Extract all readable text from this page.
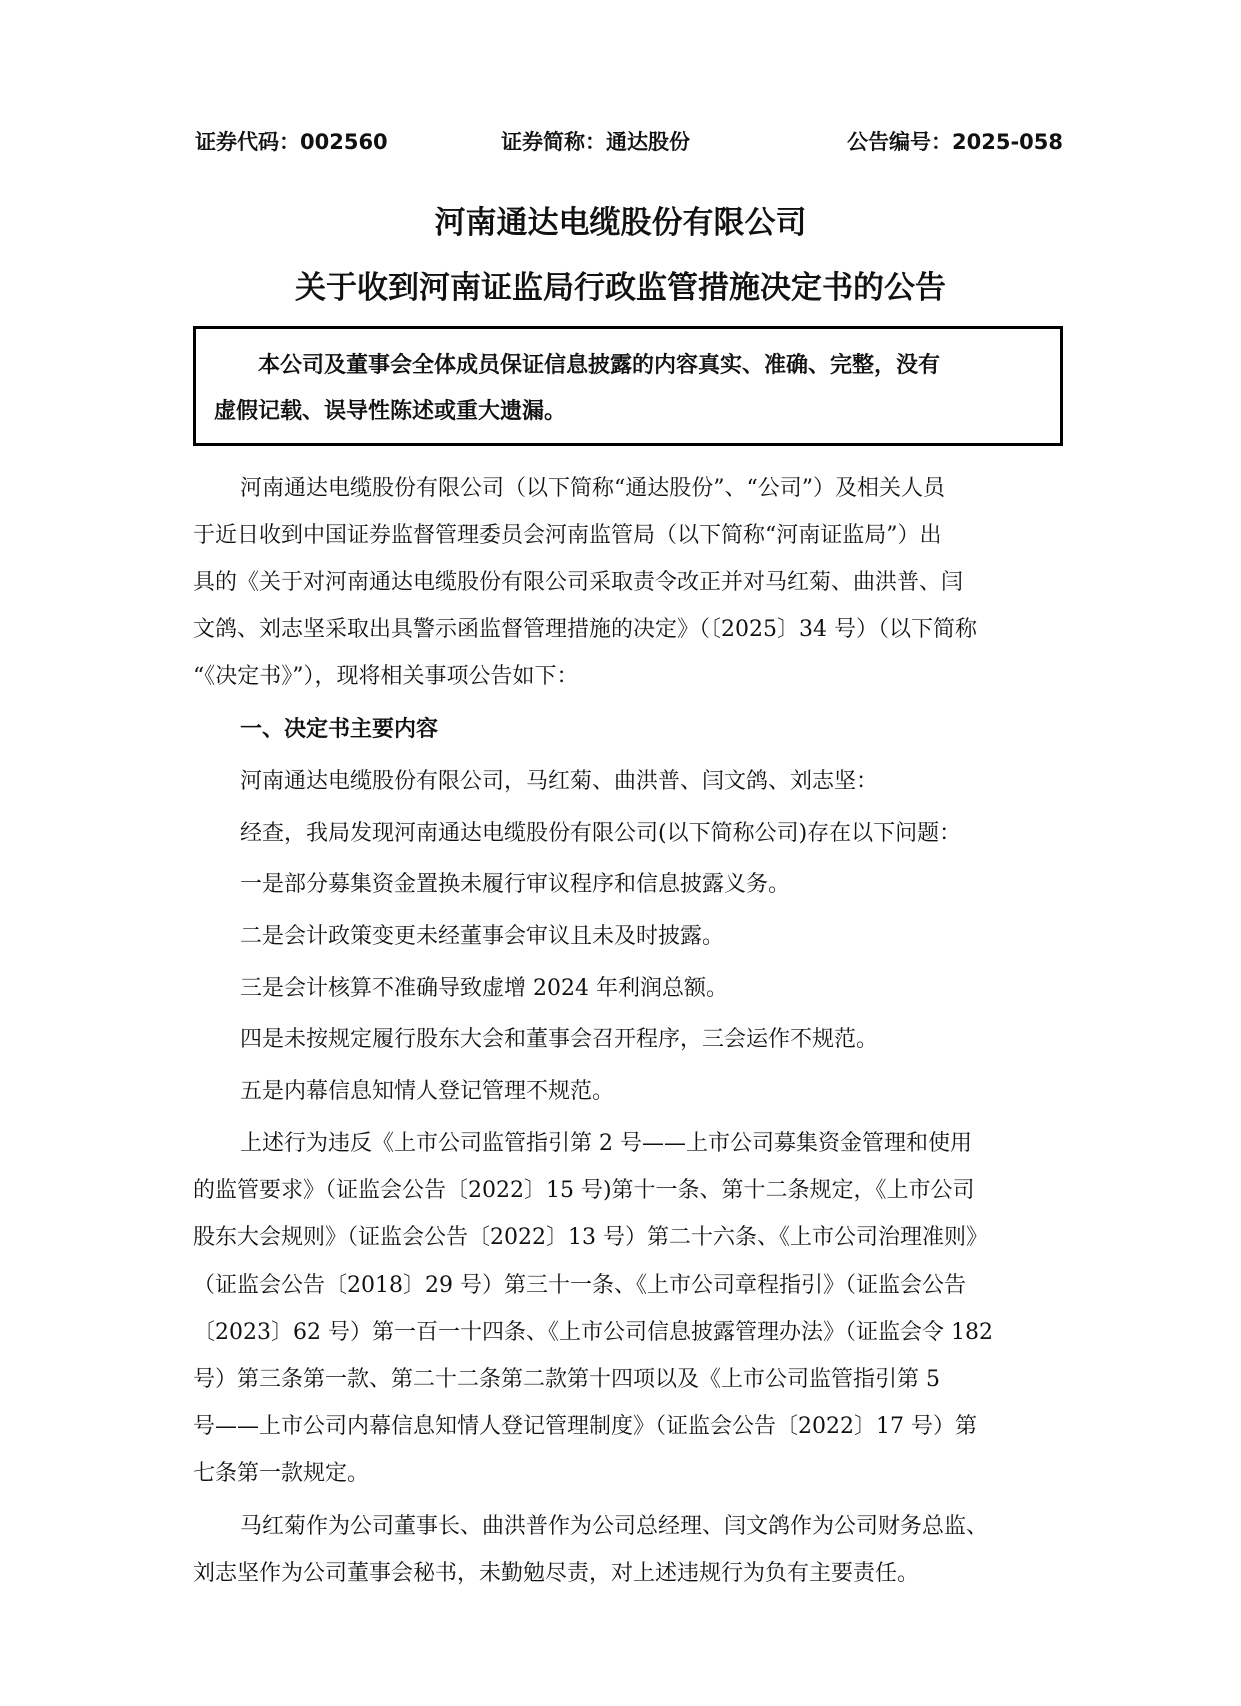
证券代码：002560	证券简称：通达股份	公告编号：2025-058
河南通达电缆股份有限公司
关于收到河南证监局行政监管措施决定书的公告

本公司及董事会全体成员保证信息披露的内容真实、准确、完整，没有

虚假记载、误导性陈述或重大遗漏。

河南通达电缆股份有限公司（以下简称“通达股份”、“公司”）及相关人员
于近日收到中国证券监督管理委员会河南监管局（以下简称“河南证监局”）出
具的《关于对河南通达电缆股份有限公司采取责令改正并对马红菊、曲洪普、闫
文鸽、刘志坚采取出具警示函监督管理措施的决定》（〔2025〕34 号）（以下简称
“《决定书》”），现将相关事项公告如下：
一、决定书主要内容
河南通达电缆股份有限公司，马红菊、曲洪普、闫文鸽、刘志坚：
经查，我局发现河南通达电缆股份有限公司(以下简称公司)存在以下问题：
一是部分募集资金置换未履行审议程序和信息披露义务。
二是会计政策变更未经董事会审议且未及时披露。
三是会计核算不准确导致虚增 2024 年利润总额。
四是未按规定履行股东大会和董事会召开程序，三会运作不规范。
五是内幕信息知情人登记管理不规范。
上述行为违反《上市公司监管指引第 2 号——上市公司募集资金管理和使用
的监管要求》（证监会公告〔2022〕15 号)第十一条、第十二条规定，《上市公司
股东大会规则》（证监会公告〔2022〕13 号）第二十六条、《上市公司治理准则》
（证监会公告〔2018〕29 号）第三十一条、《上市公司章程指引》（证监会公告
〔2023〕62 号）第一百一十四条、《上市公司信息披露管理办法》（证监会令 182
号）第三条第一款、第二十二条第二款第十四项以及《上市公司监管指引第 5
号——上市公司内幕信息知情人登记管理制度》（证监会公告〔2022〕17 号）第
七条第一款规定。
马红菊作为公司董事长、曲洪普作为公司总经理、闫文鸽作为公司财务总监、
刘志坚作为公司董事会秘书，未勤勉尽责，对上述违规行为负有主要责任。
